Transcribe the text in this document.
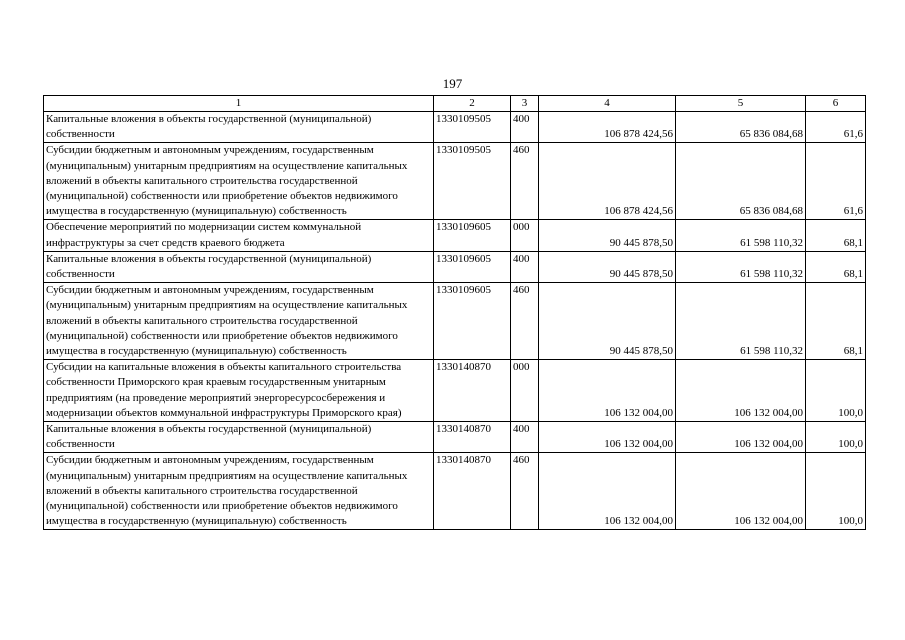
197
1	2	3	4	5	6
Капитальные вложения в объекты государственной (муниципальной) собственности	1330109505	400	106 878 424,56	65 836 084,68	61,6
Субсидии бюджетным и автономным учреждениям, государственным (муниципальным) унитарным предприятиям на осуществление капитальных вложений в объекты капитального строительства государственной (муниципальной) собственности или приобретение объектов недвижимого имущества в государственную (муниципальную) собственность	1330109505	460	106 878 424,56	65 836 084,68	61,6
Обеспечение мероприятий по модернизации систем коммунальной инфраструктуры за счет средств краевого бюджета	1330109605	000	90 445 878,50	61 598 110,32	68,1
Капитальные вложения в объекты государственной (муниципальной) собственности	1330109605	400	90 445 878,50	61 598 110,32	68,1
Субсидии бюджетным и автономным учреждениям, государственным (муниципальным) унитарным предприятиям на осуществление капитальных вложений в объекты капитального строительства государственной (муниципальной) собственности или приобретение объектов недвижимого имущества в государственную (муниципальную) собственность	1330109605	460	90 445 878,50	61 598 110,32	68,1
Субсидии на капитальные вложения в объекты капитального строительства собственности Приморского края краевым государственным унитарным предприятиям (на проведение мероприятий энергоресурсосбережения и модернизации объектов коммунальной инфраструктуры Приморского края)	1330140870	000	106 132 004,00	106 132 004,00	100,0
Капитальные вложения в объекты государственной (муниципальной) собственности	1330140870	400	106 132 004,00	106 132 004,00	100,0
Субсидии бюджетным и автономным учреждениям, государственным (муниципальным) унитарным предприятиям на осуществление капитальных вложений в объекты капитального строительства государственной (муниципальной) собственности или приобретение объектов недвижимого имущества в государственную (муниципальную) собственность	1330140870	460	106 132 004,00	106 132 004,00	100,0
